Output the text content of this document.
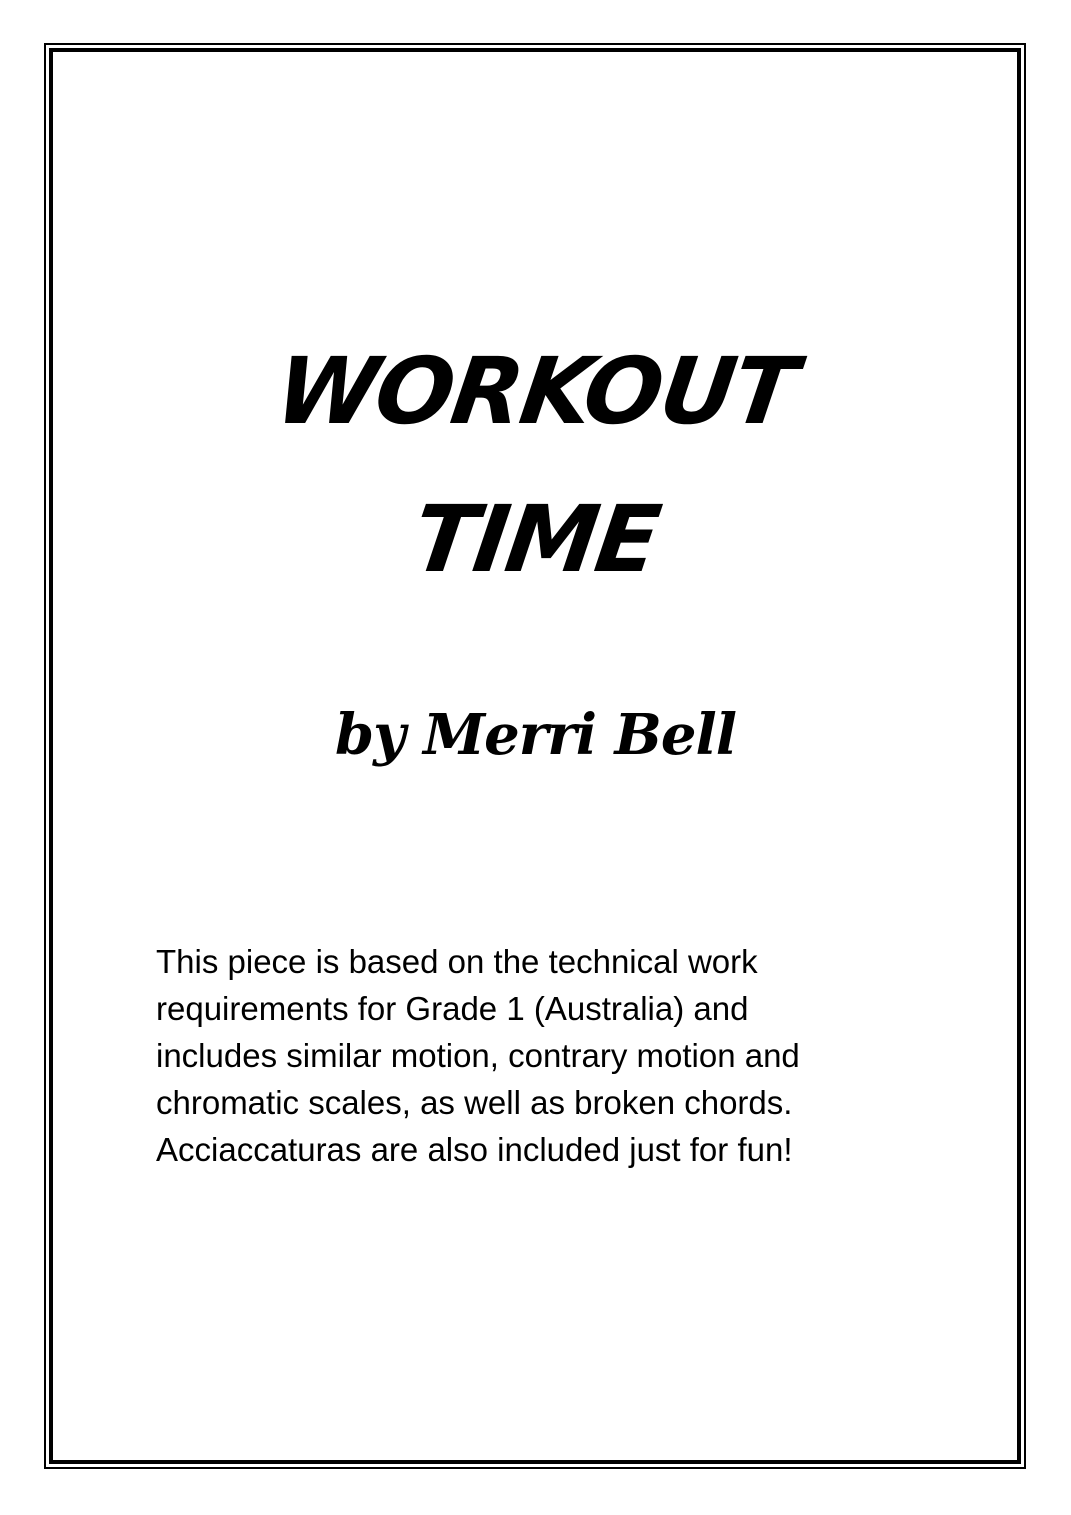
WORKOUT
TIME
by Merri Bell
This piece is based on the technical work
requirements for Grade 1 (Australia) and
includes similar motion, contrary motion and
chromatic scales, as well as broken chords.
Acciaccaturas are also included just for fun!
